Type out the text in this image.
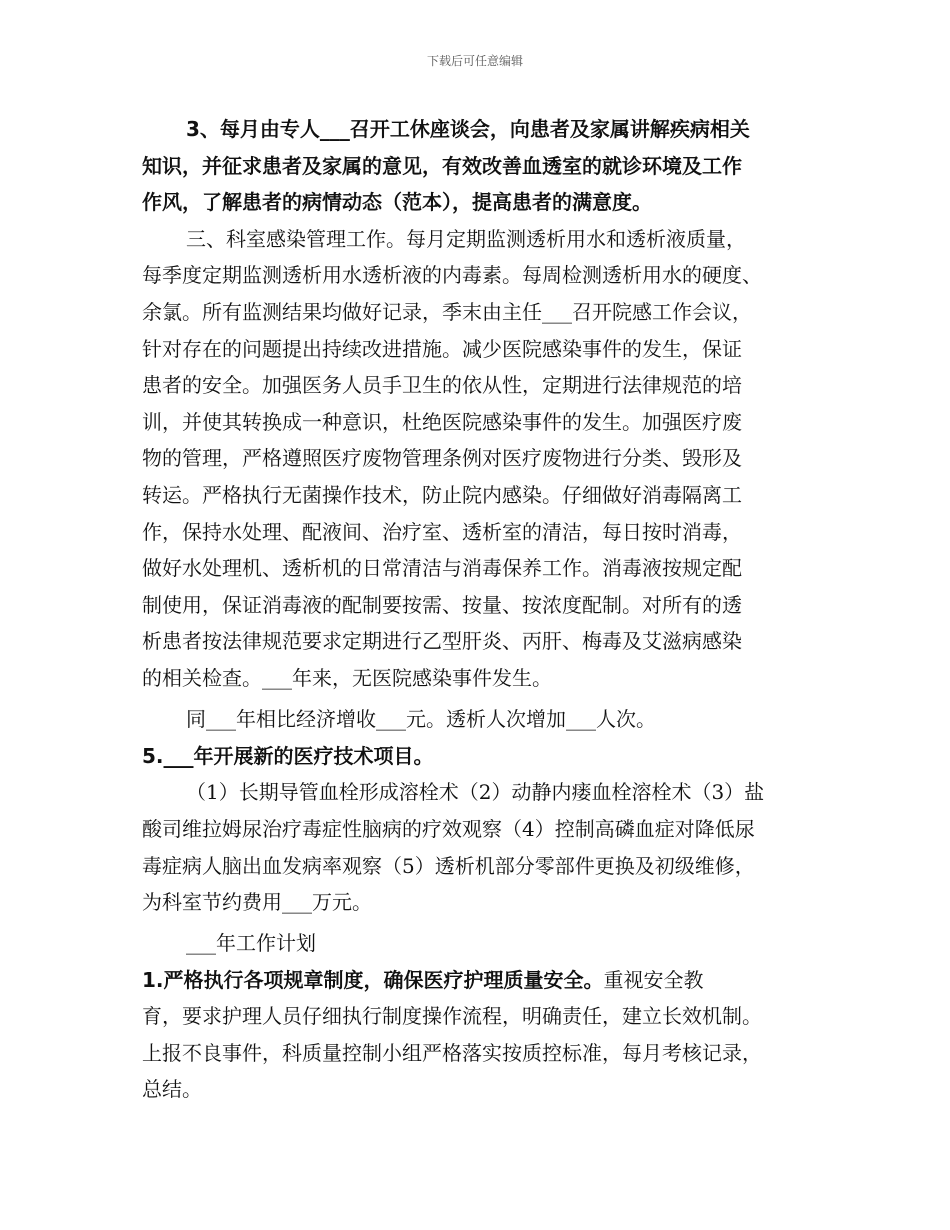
下载后可任意编辑
3、每月由专人___召开工休座谈会，向患者及家属讲解疾病相关
知识，并征求患者及家属的意见，有效改善血透室的就诊环境及工作
作风，了解患者的病情动态（范本），提高患者的满意度。
三、科室感染管理工作。每月定期监测透析用水和透析液质量，
每季度定期监测透析用水透析液的内毒素。每周检测透析用水的硬度、
余氯。所有监测结果均做好记录，季末由主任___召开院感工作会议，
针对存在的问题提出持续改进措施。减少医院感染事件的发生，保证
患者的安全。加强医务人员手卫生的依从性，定期进行法律规范的培
训，并使其转换成一种意识，杜绝医院感染事件的发生。加强医疗废
物的管理，严格遵照医疗废物管理条例对医疗废物进行分类、毁形及
转运。严格执行无菌操作技术，防止院内感染。仔细做好消毒隔离工
作，保持水处理、配液间、治疗室、透析室的清洁，每日按时消毒，
做好水处理机、透析机的日常清洁与消毒保养工作。消毒液按规定配
制使用，保证消毒液的配制要按需、按量、按浓度配制。对所有的透
析患者按法律规范要求定期进行乙型肝炎、丙肝、梅毒及艾滋病感染
的相关检查。___年来，无医院感染事件发生。
同___年相比经济增收___元。透析人次增加___人次。
5.___年开展新的医疗技术项目。
（1）长期导管血栓形成溶栓术（2）动静内瘘血栓溶栓术（3）盐
酸司维拉姆尿治疗毒症性脑病的疗效观察（4）控制高磷血症对降低尿
毒症病人脑出血发病率观察（5）透析机部分零部件更换及初级维修，
为科室节约费用___万元。
___年工作计划
1.严格执行各项规章制度，确保医疗护理质量安全。重视安全教
育，要求护理人员仔细执行制度操作流程，明确责任，建立长效机制。
上报不良事件，科质量控制小组严格落实按质控标准，每月考核记录，
总结。
